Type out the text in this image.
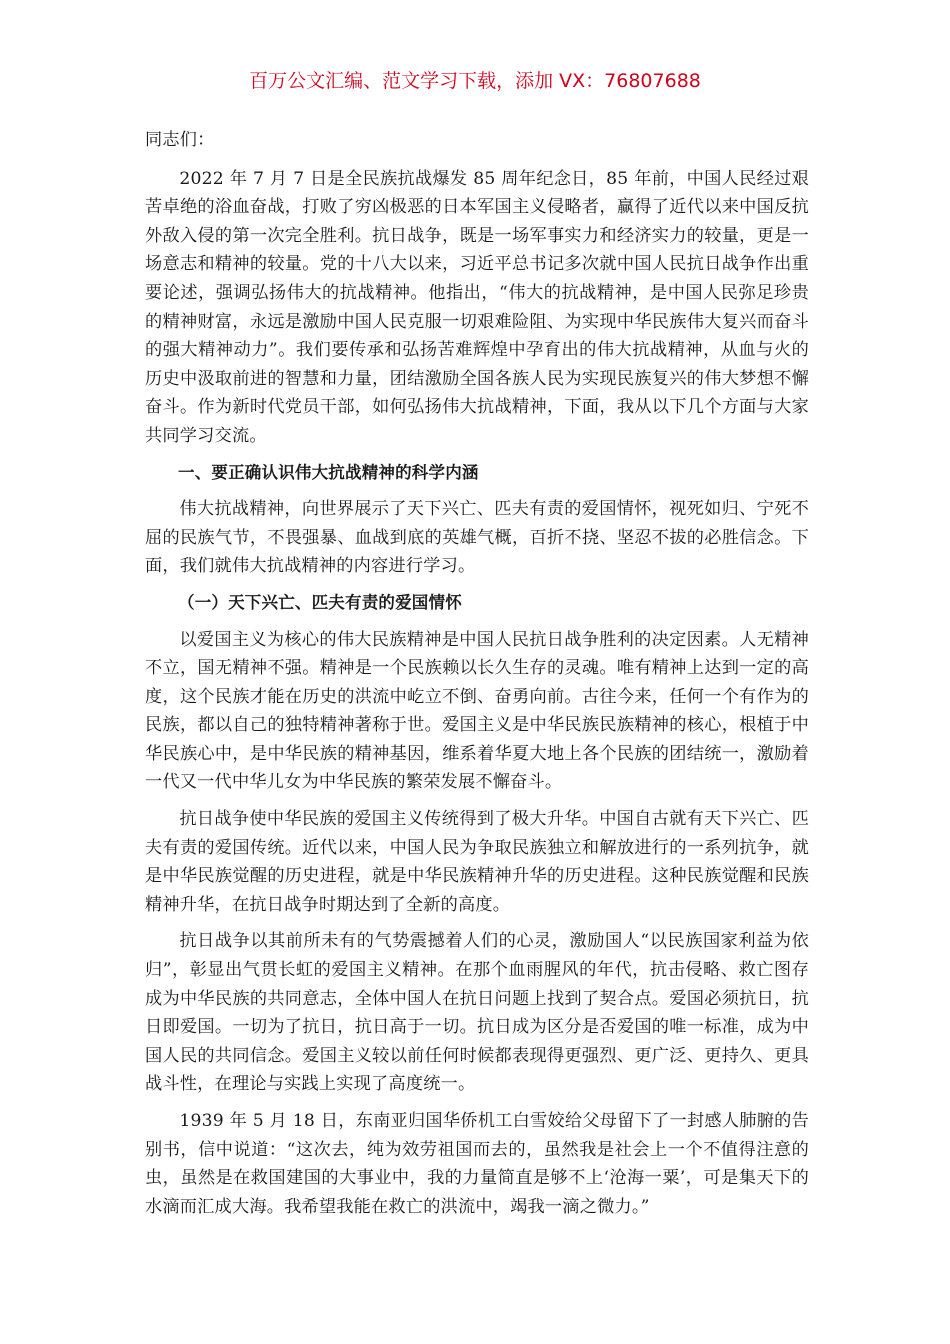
百万公文汇编、范文学习下载，添加 VX：76807688

同志们：

2022 年 7 月 7 日是全民族抗战爆发 85 周年纪念日，85 年前，中国人民经过艰苦卓绝的浴血奋战，打败了穷凶极恶的日本军国主义侵略者，赢得了近代以来中国反抗外敌入侵的第一次完全胜利。抗日战争，既是一场军事实力和经济实力的较量，更是一场意志和精神的较量。党的十八大以来，习近平总书记多次就中国人民抗日战争作出重要论述，强调弘扬伟大的抗战精神。他指出，“伟大的抗战精神，是中国人民弥足珍贵的精神财富，永远是激励中国人民克服一切艰难险阻、为实现中华民族伟大复兴而奋斗的强大精神动力”。我们要传承和弘扬苦难辉煌中孕育出的伟大抗战精神，从血与火的历史中汲取前进的智慧和力量，团结激励全国各族人民为实现民族复兴的伟大梦想不懈奋斗。作为新时代党员干部，如何弘扬伟大抗战精神，下面，我从以下几个方面与大家共同学习交流。

一、要正确认识伟大抗战精神的科学内涵

伟大抗战精神，向世界展示了天下兴亡、匹夫有责的爱国情怀，视死如归、宁死不屈的民族气节，不畏强暴、血战到底的英雄气概，百折不挠、坚忍不拔的必胜信念。下面，我们就伟大抗战精神的内容进行学习。

（一）天下兴亡、匹夫有责的爱国情怀

以爱国主义为核心的伟大民族精神是中国人民抗日战争胜利的决定因素。人无精神不立，国无精神不强。精神是一个民族赖以长久生存的灵魂。唯有精神上达到一定的高度，这个民族才能在历史的洪流中屹立不倒、奋勇向前。古往今来，任何一个有作为的民族，都以自己的独特精神著称于世。爱国主义是中华民族民族精神的核心，根植于中华民族心中，是中华民族的精神基因，维系着华夏大地上各个民族的团结统一，激励着一代又一代中华儿女为中华民族的繁荣发展不懈奋斗。

抗日战争使中华民族的爱国主义传统得到了极大升华。中国自古就有天下兴亡、匹夫有责的爱国传统。近代以来，中国人民为争取民族独立和解放进行的一系列抗争，就是中华民族觉醒的历史进程，就是中华民族精神升华的历史进程。这种民族觉醒和民族精神升华，在抗日战争时期达到了全新的高度。

抗日战争以其前所未有的气势震撼着人们的心灵，激励国人“以民族国家利益为依归”，彰显出气贯长虹的爱国主义精神。在那个血雨腥风的年代，抗击侵略、救亡图存成为中华民族的共同意志，全体中国人在抗日问题上找到了契合点。爱国必须抗日，抗日即爱国。一切为了抗日，抗日高于一切。抗日成为区分是否爱国的唯一标准，成为中国人民的共同信念。爱国主义较以前任何时候都表现得更强烈、更广泛、更持久、更具战斗性，在理论与实践上实现了高度统一。

1939 年 5 月 18 日，东南亚归国华侨机工白雪姣给父母留下了一封感人肺腑的告别书，信中说道：“这次去，纯为效劳祖国而去的，虽然我是社会上一个不值得注意的虫，虽然是在救国建国的大事业中，我的力量简直是够不上‘沧海一粟’，可是集天下的水滴而汇成大海。我希望我能在救亡的洪流中，竭我一滴之微力。”
